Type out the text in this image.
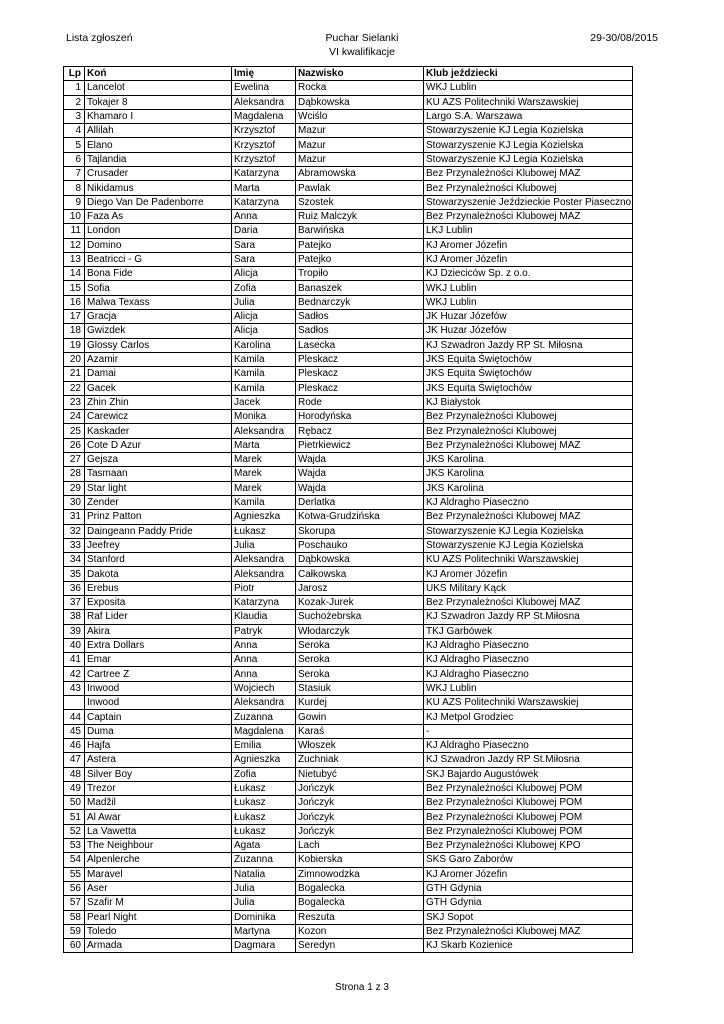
Lista zgłoszeń	Puchar Sielanki
VI kwalifikacje
29-30/08/2015
Lp	Koń	Imię	Nazwisko	Klub jeździecki
1	Lancelot	Ewelina	Rocka	WKJ Lublin
2	Tokajer 8	Aleksandra	Dąbkowska	KU AZS Politechniki Warszawskiej
3	Khamaro I	Magdalena	Wciślo	Largo S.A. Warszawa
4	Allilah	Krzysztof	Mazur	Stowarzyszenie KJ Legia Kozielska
5	Elano	Krzysztof	Mazur	Stowarzyszenie KJ Legia Kozielska
6	Tajlandia	Krzysztof	Mazur	Stowarzyszenie KJ Legia Kozielska
7	Crusader	Katarzyna	Abramowska	Bez Przynależności Klubowej MAZ
8	Nikidamus	Marta	Pawlak	Bez Przynależności Klubowej
9	Diego Van De Padenborre	Katarzyna	Szostek	Stowarzyszenie Jeździeckie Poster Piaseczno
10	Faza As	Anna	Ruiz Malczyk	Bez Przynależności Klubowej MAZ
11	London	Daria	Barwińska	LKJ Lublin
12	Domino	Sara	Patejko	KJ Aromer Józefin
13	Beatricci - G	Sara	Patejko	KJ Aromer Józefin
14	Bona Fide	Alicja	Tropiło	KJ Dzieciców Sp. z o.o.
15	Sofia	Zofia	Banaszek	WKJ Lublin
16	Malwa Texass	Julia	Bednarczyk	WKJ Lublin
17	Gracja	Alicja	Sadłos	JK Huzar Józefów
18	Gwizdek	Alicja	Sadłos	JK Huzar Józefów
19	Glossy Carlos	Karolina	Lasecka	KJ Szwadron Jazdy RP St. Miłosna
20	Azamir	Kamila	Pleskacz	JKS Equita Świętochów
21	Damai	Kamila	Pleskacz	JKS Equita Świętochów
22	Gacek	Kamila	Pleskacz	JKS Equita Świętochów
23	Zhin Zhin	Jacek	Rode	KJ Białystok
24	Carewicz	Monika	Horodyńska	Bez Przynależności Klubowej
25	Kaskader	Aleksandra	Rębacz	Bez Przynależności Klubowej
26	Cote D Azur	Marta	Pietrkiewicz	Bez Przynależności Klubowej MAZ
27	Gejsza	Marek	Wajda	JKS Karolina
28	Tasmaan	Marek	Wajda	JKS Karolina
29	Star light	Marek	Wajda	JKS Karolina
30	Zender	Kamila	Derlatka	KJ Aldragho Piaseczno
31	Prinz Patton	Agnieszka	Kotwa-Grudzińska	Bez Przynależności Klubowej MAZ
32	Daingeann Paddy Pride	Łukasz	Skorupa	Stowarzyszenie KJ Legia Kozielska
33	Jeefrey	Julia	Poschauko	Stowarzyszenie KJ Legia Kozielska
34	Stanford	Aleksandra	Dąbkowska	KU AZS Politechniki Warszawskiej
35	Dakota	Aleksandra	Całkowska	KJ Aromer Józefin
36	Erebus	Piotr	Jarosz	UKS Military Kąck
37	Exposita	Katarzyna	Kozak-Jurek	Bez Przynależności Klubowej MAZ
38	Raf Lider	Klaudia	Suchożebrska	KJ Szwadron Jazdy RP St.Miłosna
39	Akira	Patryk	Włodarczyk	TKJ Garbówek
40	Extra Dollars	Anna	Seroka	KJ Aldragho Piaseczno
41	Emar	Anna	Seroka	KJ Aldragho Piaseczno
42	Cartree Z	Anna	Seroka	KJ Aldragho Piaseczno
43	Inwood	Wojciech	Stasiuk	WKJ Lublin
	Inwood	Aleksandra	Kurdej	KU AZS Politechniki Warszawskiej
44	Captain	Zuzanna	Gowin	KJ Metpol Grodziec
45	Duma	Magdalena	Karaś	-
46	Hajfa	Emilia	Włoszek	KJ Aldragho Piaseczno
47	Astera	Agnieszka	Zuchniak	KJ Szwadron Jazdy RP St.Miłosna
48	Silver Boy	Zofia	Nietubyć	SKJ Bajardo Augustówek
49	Trezor	Łukasz	Jończyk	Bez Przynależności Klubowej POM
50	Madžil	Łukasz	Jończyk	Bez Przynależności Klubowej POM
51	Al Awar	Łukasz	Jończyk	Bez Przynależności Klubowej POM
52	La Vawetta	Łukasz	Jończyk	Bez Przynależności Klubowej POM
53	The Neighbour	Agata	Lach	Bez Przynależności Klubowej KPO
54	Alpenlerche	Zuzanna	Kobierska	SKS Garo Zaborów
55	Maravel	Natalia	Zimnowodzka	KJ Aromer Józefin
56	Aser	Julia	Bogalecka	GTH Gdynia
57	Szafir M	Julia	Bogalecka	GTH Gdynia
58	Pearl Night	Dominika	Reszuta	SKJ Sopot
59	Toledo	Martyna	Kozon	Bez Przynależności Klubowej MAZ
60	Armada	Dagmara	Seredyn	KJ Skarb Kozienice
Strona 1 z 3
